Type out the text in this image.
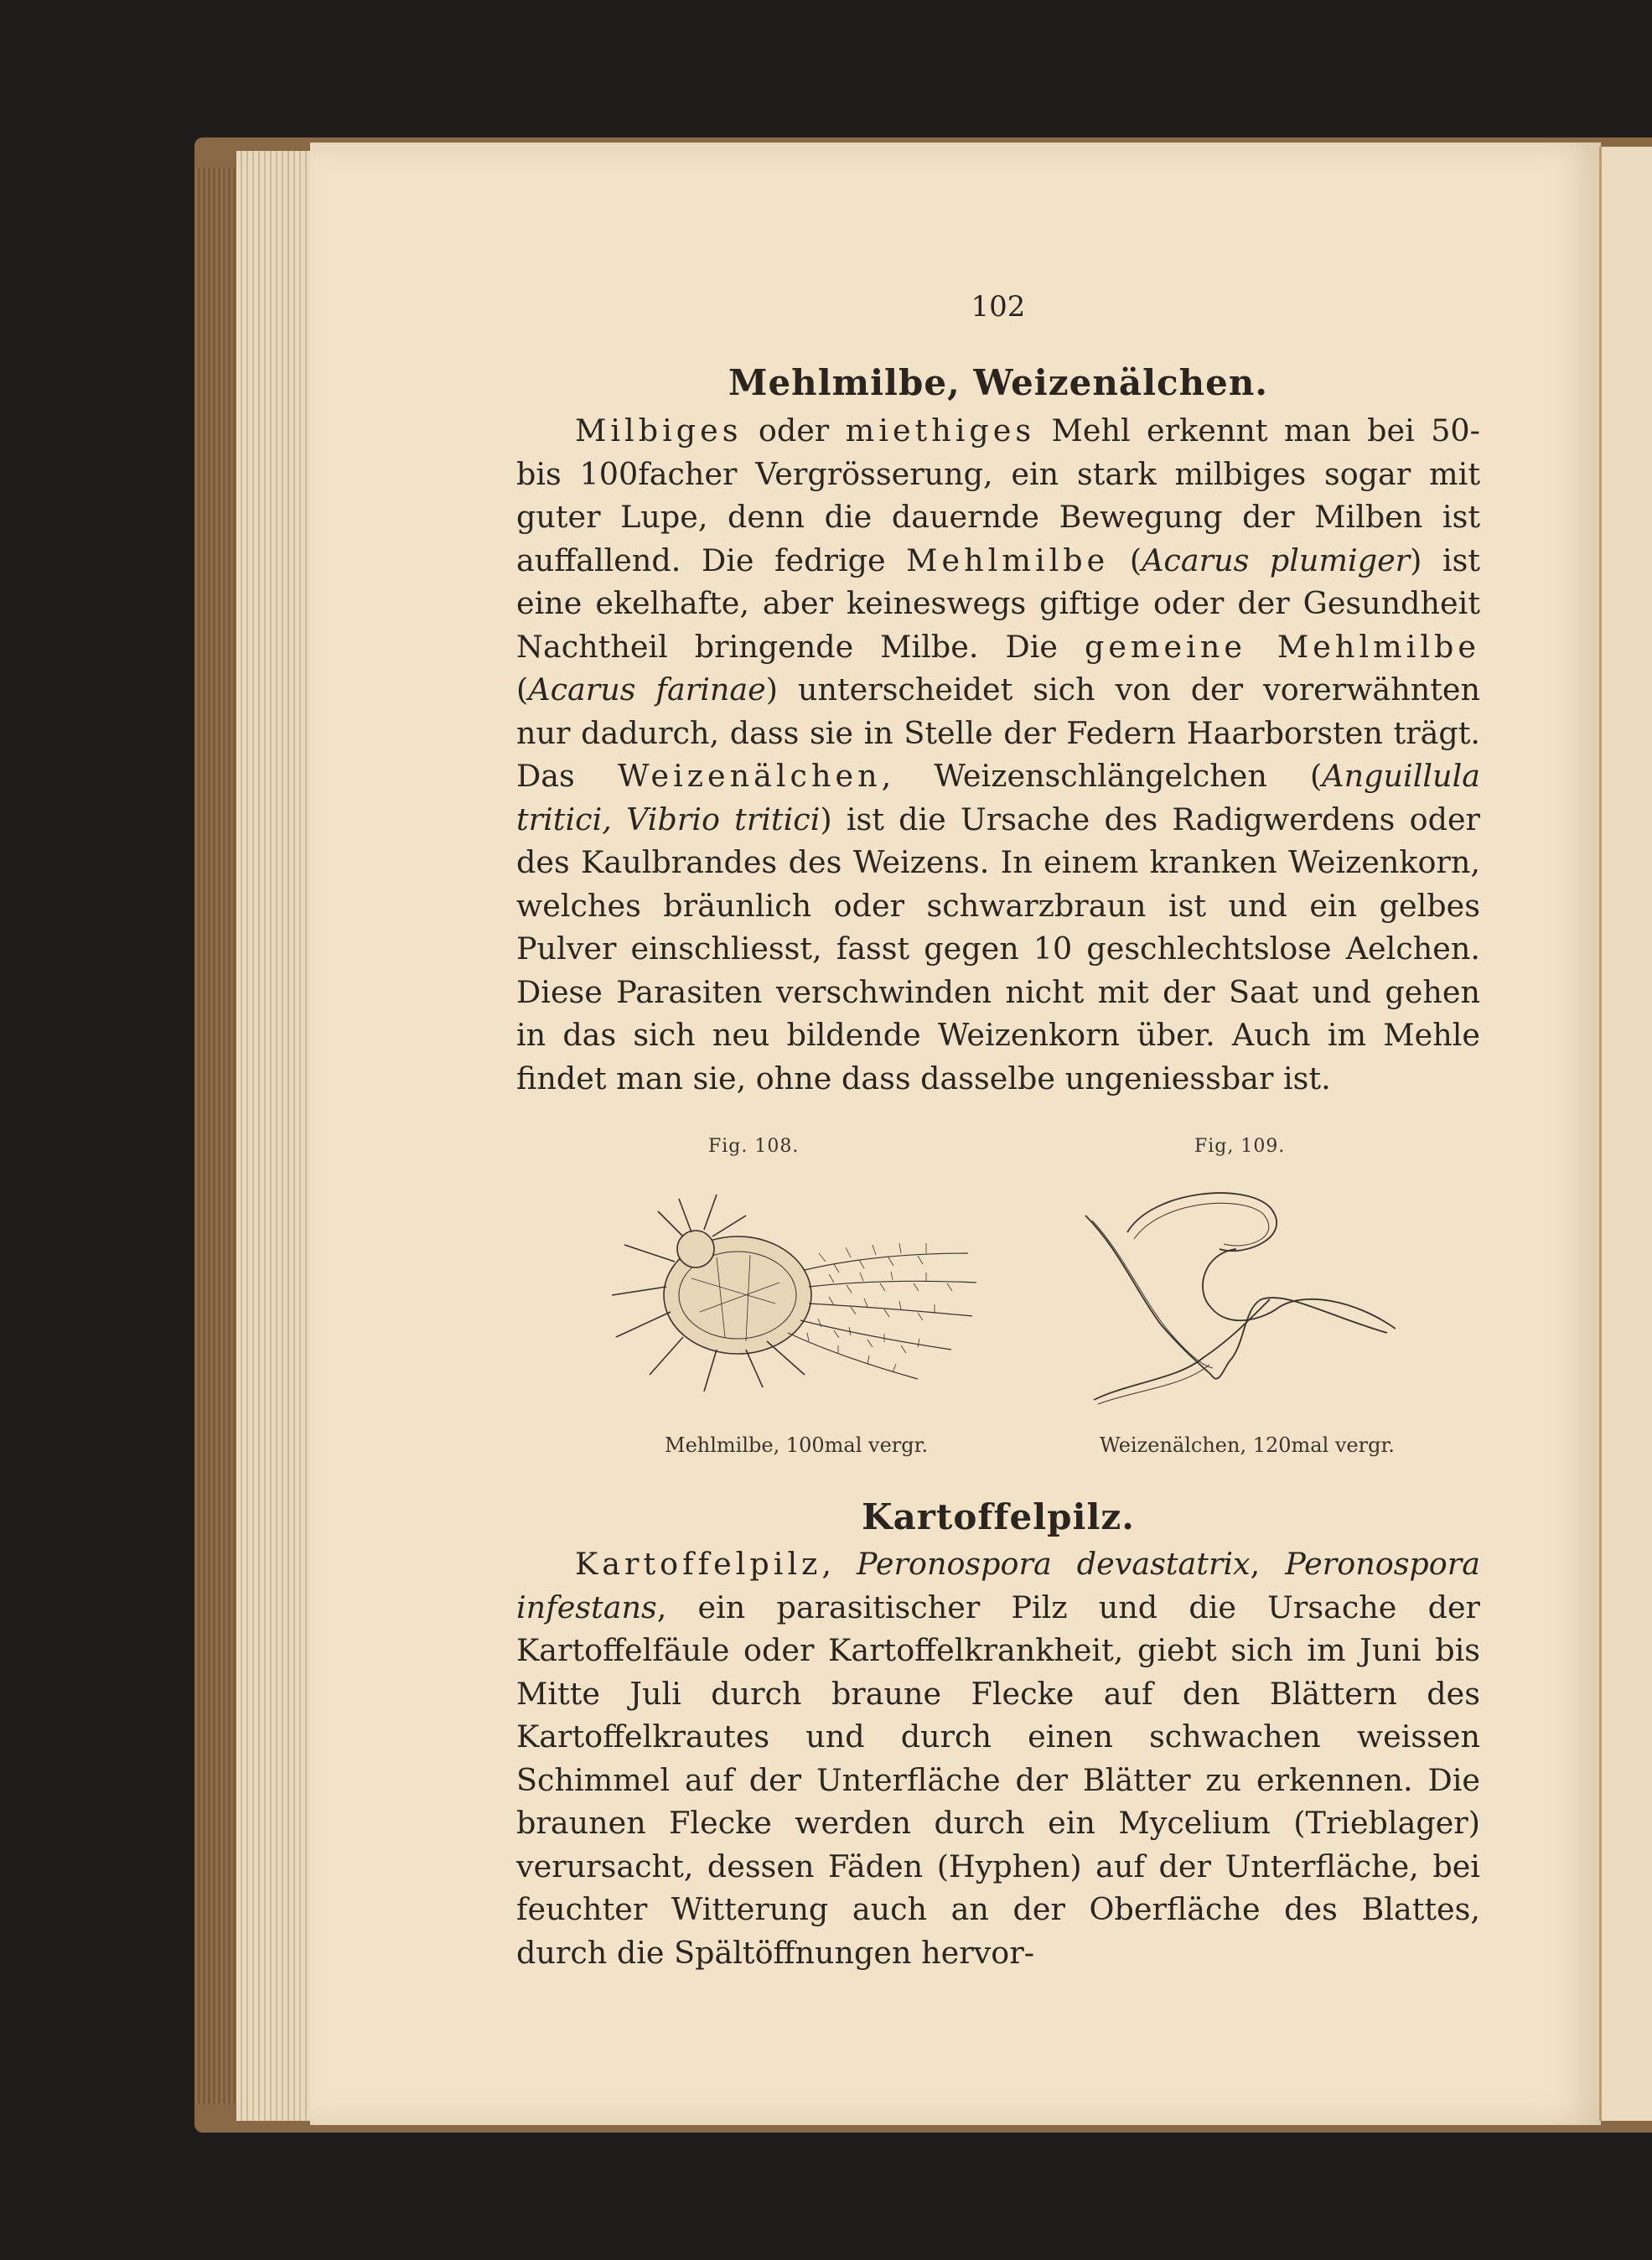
102
Mehlmilbe, Weizenälchen.

Milbiges oder miethiges Mehl erkennt man bei 50- bis 100facher Vergrösserung, ein stark milbiges sogar mit guter Lupe, denn die dauernde Bewegung der Milben ist auffallend. Die fedrige Mehlmilbe (Acarus plumiger) ist eine ekelhafte, aber keineswegs giftige oder der Gesundheit Nachtheil bringende Milbe. Die gemeine Mehlmilbe (Acarus farinae) unterscheidet sich von der vorerwähnten nur dadurch, dass sie in Stelle der Federn Haarborsten trägt. Das Weizenälchen, Weizenschlängelchen (Anguillula tritici, Vibrio tritici) ist die Ursache des Radigwerdens oder des Kaulbrandes des Weizens. In einem kranken Weizenkorn, welches bräunlich oder schwarzbraun ist und ein gelbes Pulver einschliesst, fasst gegen 10 geschlechtslose Aelchen. Diese Parasiten verschwinden nicht mit der Saat und gehen in das sich neu bildende Weizenkorn über. Auch im Mehle findet man sie, ohne dass dasselbe ungeniessbar ist.

Fig. 108.	Fig, 109.
Mehlmilbe, 100mal vergr.	Weizenälchen, 120mal vergr.
Kartoffelpilz.

Kartoffelpilz, Peronospora devastatrix, Peronospora infestans, ein parasitischer Pilz und die Ursache der Kartoffelfäule oder Kartoffelkrankheit, giebt sich im Juni bis Mitte Juli durch braune Flecke auf den Blättern des Kartoffelkrautes und durch einen schwachen weissen Schimmel auf der Unterfläche der Blätter zu erkennen. Die braunen Flecke werden durch ein Mycelium (Trieblager) verursacht, dessen Fäden (Hyphen) auf der Unterfläche, bei feuchter Witterung auch an der Oberfläche des Blattes, durch die Spältöffnungen hervor-
